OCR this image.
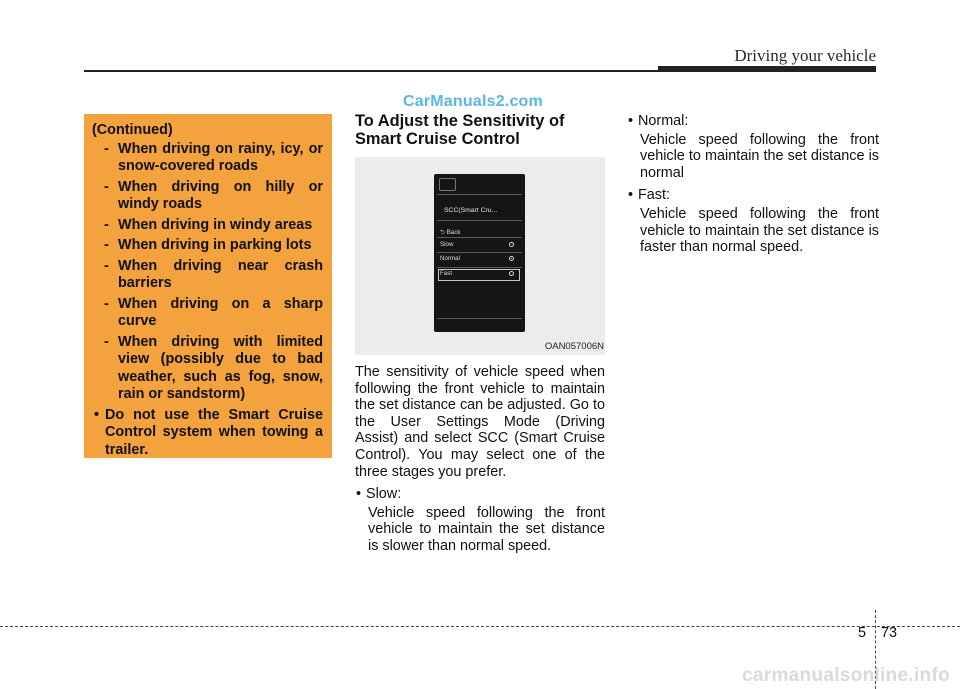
Driving your vehicle
CarManuals2.com
(Continued)
- When driving on rainy, icy, or snow-covered roads
- When driving on hilly or windy roads
- When driving in windy areas
- When driving in parking lots
- When driving near crash barriers
- When driving on a sharp curve
- When driving with limited view (possibly due to bad weather, such as fog, snow, rain or sandstorm)
• Do not use the Smart Cruise Control system when towing a trailer.
To Adjust the Sensitivity of Smart Cruise Control
SCC(Smart Cru...
⮌ Back
Slow
Normal
Fast
OAN057006N

The sensitivity of vehicle speed when following the front vehicle to maintain the set distance can be adjusted. Go to the User Settings Mode (Driving Assist) and select SCC (Smart Cruise Control). You may select one of the three stages you prefer.

• Slow:
Vehicle speed following the front vehicle to maintain the set distance is slower than normal speed.
• Normal:
Vehicle speed following the front vehicle to maintain the set distance is normal
• Fast:
Vehicle speed following the front vehicle to maintain the set distance is faster than normal speed.
5 73
carmanualsonline.info
